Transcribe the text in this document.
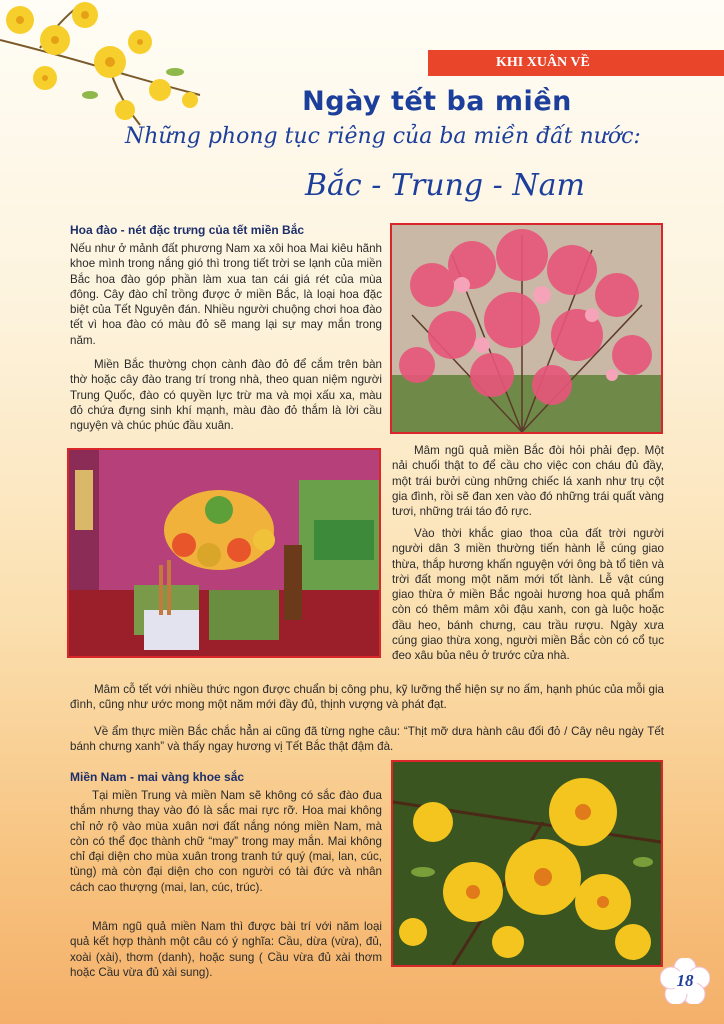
KHI XUÂN VỀ
Ngày tết ba miền
Những phong tục riêng của ba miền đất nước:
Bắc - Trung - Nam
Hoa đào - nét đặc trưng của tết miền Bắc

Nếu như ở mảnh đất phương Nam xa xôi hoa Mai kiêu hãnh khoe mình trong nắng gió thì trong tiết trời se lạnh của miền Bắc hoa đào góp phần làm xua tan cái giá rét của mùa đông. Cây đào chỉ trồng được ở miền Bắc, là loại hoa đặc biệt của Tết Nguyên đán. Nhiều người chuộng chơi hoa đào tết vì hoa đào có màu đỏ sẽ mang lại sự may mắn trong năm.

Miền Bắc thường chọn cành đào đỏ để cắm trên bàn thờ hoặc cây đào trang trí trong nhà, theo quan niệm người Trung Quốc, đào có quyền lực trừ ma và mọi xấu xa, màu đỏ chứa đựng sinh khí mạnh, màu đào đỏ thắm là lời cầu nguyện và chúc phúc đầu xuân.

Mâm ngũ quả miền Bắc đòi hỏi phải đẹp. Một nải chuối thật to để cầu cho việc con cháu đủ đầy, một trái bưởi cùng những chiếc lá xanh như trụ cột gia đình, rồi sẽ đan xen vào đó những trái quất vàng tươi, những trái táo đỏ rực.

Vào thời khắc giao thoa của đất trời người người dân 3 miền thường tiến hành lễ cúng giao thừa, thắp hương khấn nguyện với ông bà tổ tiên và trời đất mong một năm mới tốt lành. Lễ vật cúng giao thừa ở miền Bắc ngoài hương hoa quả phẩm còn có thêm mâm xôi đậu xanh, con gà luộc hoặc đầu heo, bánh chưng, cau trầu rượu. Ngày xưa cúng giao thừa xong, người miền Bắc còn có cổ tục đeo xâu bủa nêu ở trước cửa nhà.

Mâm cỗ tết với nhiều thức ngon được chuẩn bị công phu, kỹ lưỡng thể hiện sự no ấm, hạnh phúc của mỗi gia đình, cũng như ước mong một năm mới đầy đủ, thịnh vượng và phát đạt.

Về ẩm thực miền Bắc chắc hẳn ai cũng đã từng nghe câu: “Thịt mỡ dưa hành câu đối đỏ / Cây nêu ngày Tết bánh chưng xanh” và thấy ngay hương vị Tết Bắc thật đậm đà.

Miền Nam - mai vàng khoe sắc

Tại miền Trung và miền Nam sẽ không có sắc đào đua thắm nhưng thay vào đó là sắc mai rực rỡ. Hoa mai không chỉ nở rộ vào mùa xuân nơi đất nắng nóng miền Nam, mà còn có thể đọc thành chữ “may” trong may mắn. Mai không chỉ đại diện cho mùa xuân trong tranh tứ quý (mai, lan, cúc, tùng) mà còn đại diện cho con người có tài đức và nhân cách cao thượng (mai, lan, cúc, trúc).

Mâm ngũ quả miền Nam thì được bài trí với năm loại quả kết hợp thành một câu có ý nghĩa: Cầu, dừa (vừa), đủ, xoài (xài), thơm (danh), hoặc sung ( Cầu vừa đủ xài thơm hoặc Cầu vừa đủ xài sung).	18
